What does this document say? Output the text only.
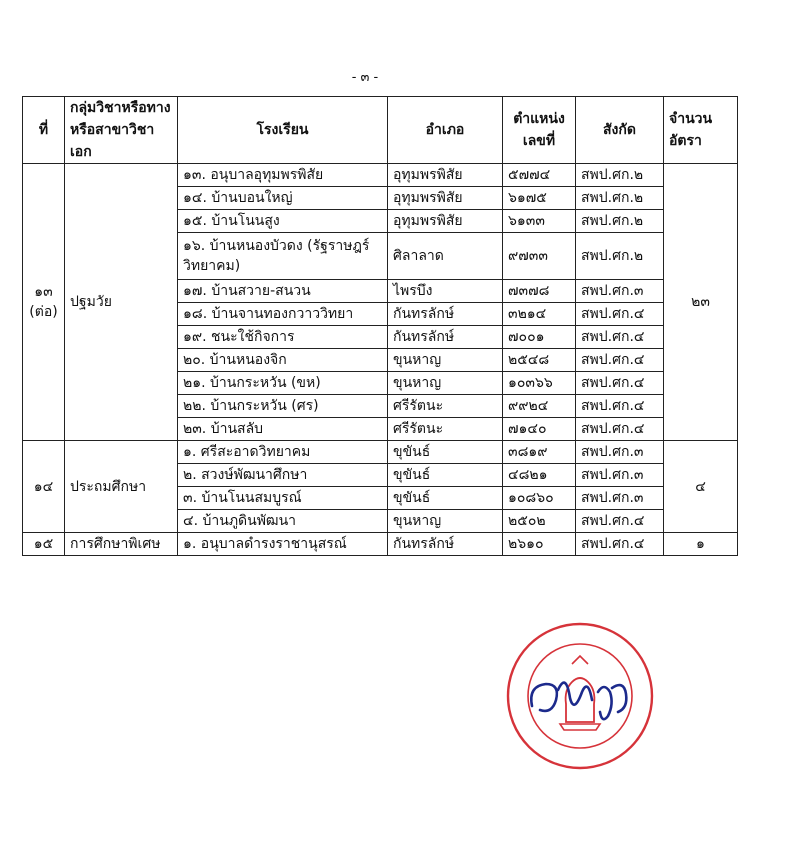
- ๓ -
ที่	กลุ่มวิชาหรือทาง หรือสาขาวิชาเอก	โรงเรียน	อำเภอ	ตำแหน่ง เลขที่	สังกัด	จำนวน อัตรา
๑๓ (ต่อ)	ปฐมวัย	๑๓. อนุบาลอุทุมพรพิสัย	อุทุมพรพิสัย	๕๗๗๔	สพป.ศก.๒	๒๓
		๑๔. บ้านบอนใหญ่	อุทุมพรพิสัย	๖๑๗๕	สพป.ศก.๒	
		๑๕. บ้านโนนสูง	อุทุมพรพิสัย	๖๑๓๓	สพป.ศก.๒	
		๑๖. บ้านหนองบัวดง (รัฐราษฎร์วิทยาคม)	ศิลาลาด	๙๗๓๓	สพป.ศก.๒	
		๑๗. บ้านสวาย-สนวน	ไพรบึง	๗๓๗๘	สพป.ศก.๓	
		๑๘. บ้านจานทองกวาววิทยา	กันทรลักษ์	๓๒๑๔	สพป.ศก.๔	
		๑๙. ชนะใช้กิจการ	กันทรลักษ์	๗๐๐๑	สพป.ศก.๔	
		๒๐. บ้านหนองจิก	ขุนหาญ	๒๕๔๘	สพป.ศก.๔	
		๒๑. บ้านกระหวัน (ขห)	ขุนหาญ	๑๐๓๖๖	สพป.ศก.๔	
		๒๒. บ้านกระหวัน (ศร)	ศรีรัตนะ	๙๙๒๔	สพป.ศก.๔	
		๒๓. บ้านสลับ	ศรีรัตนะ	๗๑๔๐	สพป.ศก.๔	
๑๔	ประถมศึกษา	๑. ศรีสะอาดวิทยาคม	ขุขันธ์	๓๘๑๙	สพป.ศก.๓	๔
		๒. สวงษ์พัฒนาศึกษา	ขุขันธ์	๔๘๒๑	สพป.ศก.๓	
		๓. บ้านโนนสมบูรณ์	ขุขันธ์	๑๐๘๖๐	สพป.ศก.๓	
		๔. บ้านภูดินพัฒนา	ขุนหาญ	๒๕๐๒	สพป.ศก.๔	
๑๕	การศึกษาพิเศษ	๑. อนุบาลดำรงราชานุสรณ์	กันทรลักษ์	๒๖๑๐	สพป.ศก.๔	๑
